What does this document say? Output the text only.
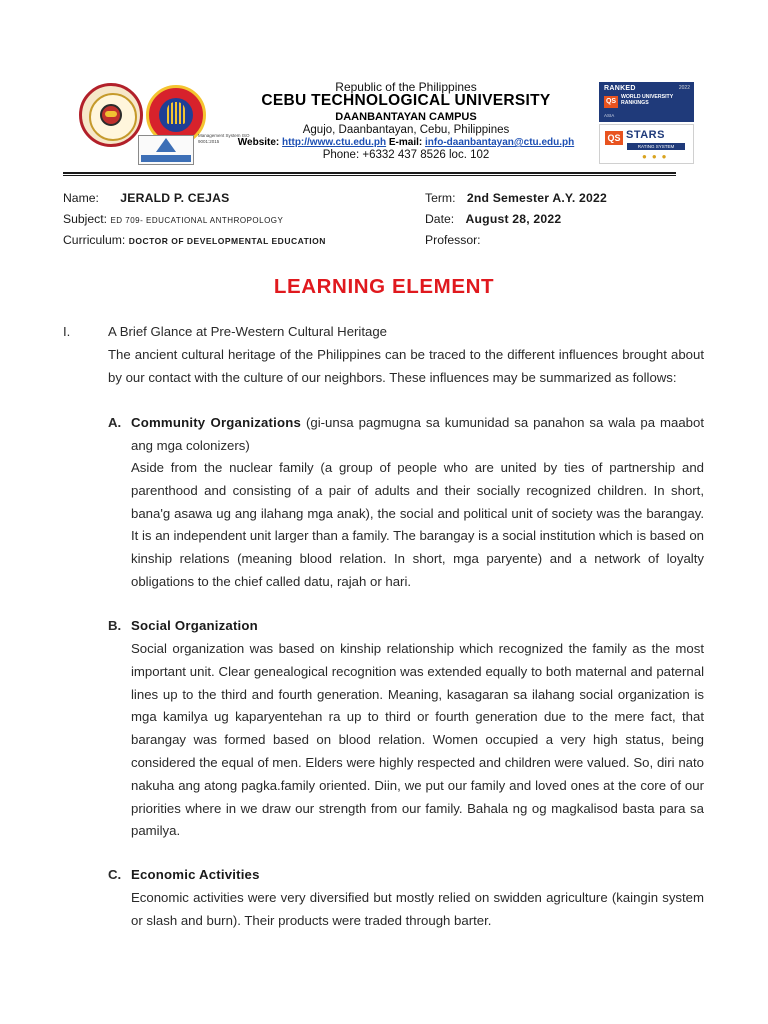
Management System ISO 9001:2015
Republic of the Philippines
CEBU TECHNOLOGICAL UNIVERSITY
DAANBANTAYAN CAMPUS
Agujo, Daanbantayan, Cebu, Philippines
Website: http://www.ctu.edu.ph E-mail: info-daanbantayan@ctu.edu.ph
Phone: +6332 437 8526 loc. 102
RANKED	2022
QS
WORLD UNIVERSITY RANKINGS
ASIA
QS STARS
RATING SYSTEM
●●●
Name: JERALD P. CEJAS
Subject: ED 709- EDUCATIONAL ANTHROPOLOGY
Curriculum: DOCTOR OF DEVELOPMENTAL EDUCATION
Term: 2nd Semester A.Y. 2022
Date: August 28, 2022
Professor:
LEARNING ELEMENT
I.	A Brief Glance at Pre-Western Cultural Heritage
The ancient cultural heritage of the Philippines can be traced to the different influences brought about by our contact with the culture of our neighbors. These influences may be summarized as follows:
A. Community Organizations (gi-unsa pagmugna sa kumunidad sa panahon sa wala pa maabot ang mga colonizers)
Aside from the nuclear family (a group of people who are united by ties of partnership and parenthood and consisting of a pair of adults and their socially recognized children. In short, bana'g asawa ug ang ilahang mga anak), the social and political unit of society was the barangay. It is an independent unit larger than a family. The barangay is a social institution which is based on kinship relations (meaning blood relation. In short, mga paryente) and a network of loyalty obligations to the chief called datu, rajah or hari.
B. Social Organization
Social organization was based on kinship relationship which recognized the family as the most important unit. Clear genealogical recognition was extended equally to both maternal and paternal lines up to the third and fourth generation. Meaning, kasagaran sa ilahang social organization is mga kamilya ug kaparyentehan ra up to third or fourth generation due to the mere fact, that barangay was formed based on blood relation. Women occupied a very high status, being considered the equal of men. Elders were highly respected and children were valued. So, diri nato nakuha ang atong pagka.family oriented. Diin, we put our family and loved ones at the core of our priorities where in we draw our strength from our family. Bahala ng og magkalisod basta para sa pamilya.
C. Economic Activities
Economic activities were very diversified but mostly relied on swidden agriculture (kaingin system or slash and burn). Their products were traded through barter.
